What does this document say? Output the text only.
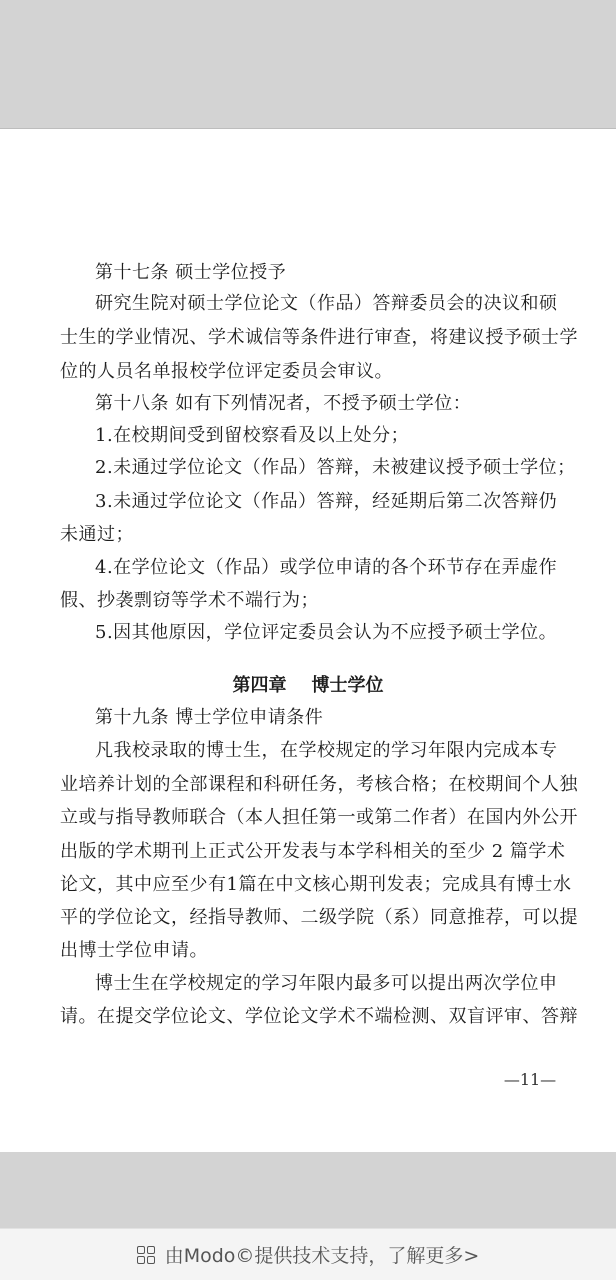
第十七条 硕士学位授予
研究生院对硕士学位论文（作品）答辩委员会的决议和硕
士生的学业情况、学术诚信等条件进行审查，将建议授予硕士学
位的人员名单报校学位评定委员会审议。
第十八条 如有下列情况者，不授予硕士学位：
1.在校期间受到留校察看及以上处分；
2.未通过学位论文（作品）答辩，未被建议授予硕士学位；
3.未通过学位论文（作品）答辩，经延期后第二次答辩仍
未通过；
4.在学位论文（作品）或学位申请的各个环节存在弄虚作
假、抄袭剽窃等学术不端行为；
5.因其他原因，学位评定委员会认为不应授予硕士学位。
第四章    博士学位
第十九条 博士学位申请条件
凡我校录取的博士生，在学校规定的学习年限内完成本专
业培养计划的全部课程和科研任务，考核合格；在校期间个人独
立或与指导教师联合（本人担任第一或第二作者）在国内外公开
出版的学术期刊上正式公开发表与本学科相关的至少 2 篇学术
论文，其中应至少有1篇在中文核心期刊发表；完成具有博士水
平的学位论文，经指导教师、二级学院（系）同意推荐，可以提
出博士学位申请。
博士生在学校规定的学习年限内最多可以提出两次学位申
请。在提交学位论文、学位论文学术不端检测、双盲评审、答辩
—11—
由Modo©提供技术支持，了解更多>
